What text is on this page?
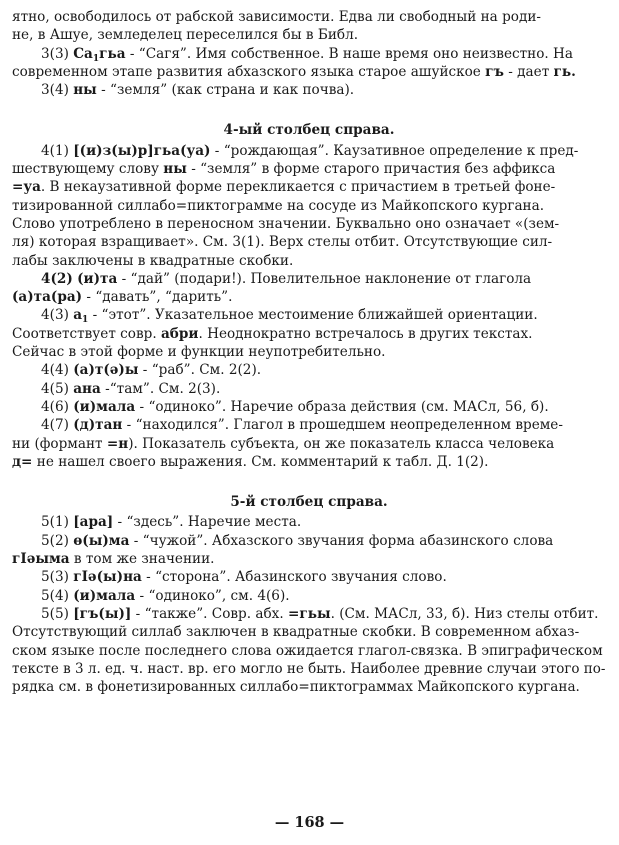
ятно, освободилось от рабской зависимости. Едва ли свободный на роди-
не, в Ашуе, земледелец переселился бы в Библ.
3(3) $Са_1гьа$ - “Сагя”. Имя собственное. В наше время оно неизвестно. На
современном этапе развития абхазского языка старое ашуйское гъ - дает гь.
3(4) ны - “земля” (как страна и как почва).
4-ый столбец справа.
4(1) [(и)з(ы)р]гьа(уа) - “рождающая”. Каузативное определение к пред-
шествующему слову ны - “земля” в форме старого причастия без аффикса
=уа. В некаузативной форме перекликается с причастием в третьей фоне-
тизированной силлабо=пиктограмме на сосуде из Майкопского кургана.
Слово употреблено в переносном значении. Буквально оно означает «(зем-
ля) которая взращивает». См. 3(1). Верх стелы отбит. Отсутствующие сил-
лабы заключены в квадратные скобки.
4(2) (и)та - “дай” (подари!). Повелительное наклонение от глагола
(а)та(ра) - “давать”, “дарить”.
4(3) $а_1$ - “этот”. Указательное местоимение ближайшей ориентации.
Соответствует совр. абри. Неоднократно встречалось в других текстах.
Сейчас в этой форме и функции неупотребительно.
4(4) (а)т(ә)ы - “раб”. См. 2(2).
4(5) ана -“там”. См. 2(3).
4(6) (и)мала - “одиноко”. Наречие образа действия (см. МАСл, 56, б).
4(7) (д)тан - “находился”. Глагол в прошедшем неопределенном време-
ни (формант =н). Показатель субъекта, он же показатель класса человека
д= не нашел своего выражения. См. комментарий к табл. Д. 1(2).
5-й столбец справа.
5(1) [ара] - “здесь”. Наречие места.
5(2) ө(ы)ма - “чужой”. Абхазского звучания форма абазинского слова
гІәыма в том же значении.
5(3) гІә(ы)на - “сторона”. Абазинского звучания слово.
5(4) (и)мала - “одиноко”, см. 4(6).
5(5) [гъ(ы)] - “также”. Совр. абх. =гьы. (См. МАСл, 33, б). Низ стелы отбит.
Отсутствующий силлаб заключен в квадратные скобки. В современном абхаз-
ском языке после последнего слова ожидается глагол-связка. В эпиграфическом
тексте в 3 л. ед. ч. наст. вр. его могло не быть. Наиболее древние случаи этого по-
рядка см. в фонетизированных силлабо=пиктограммах Майкопского кургана.
— 168 —
